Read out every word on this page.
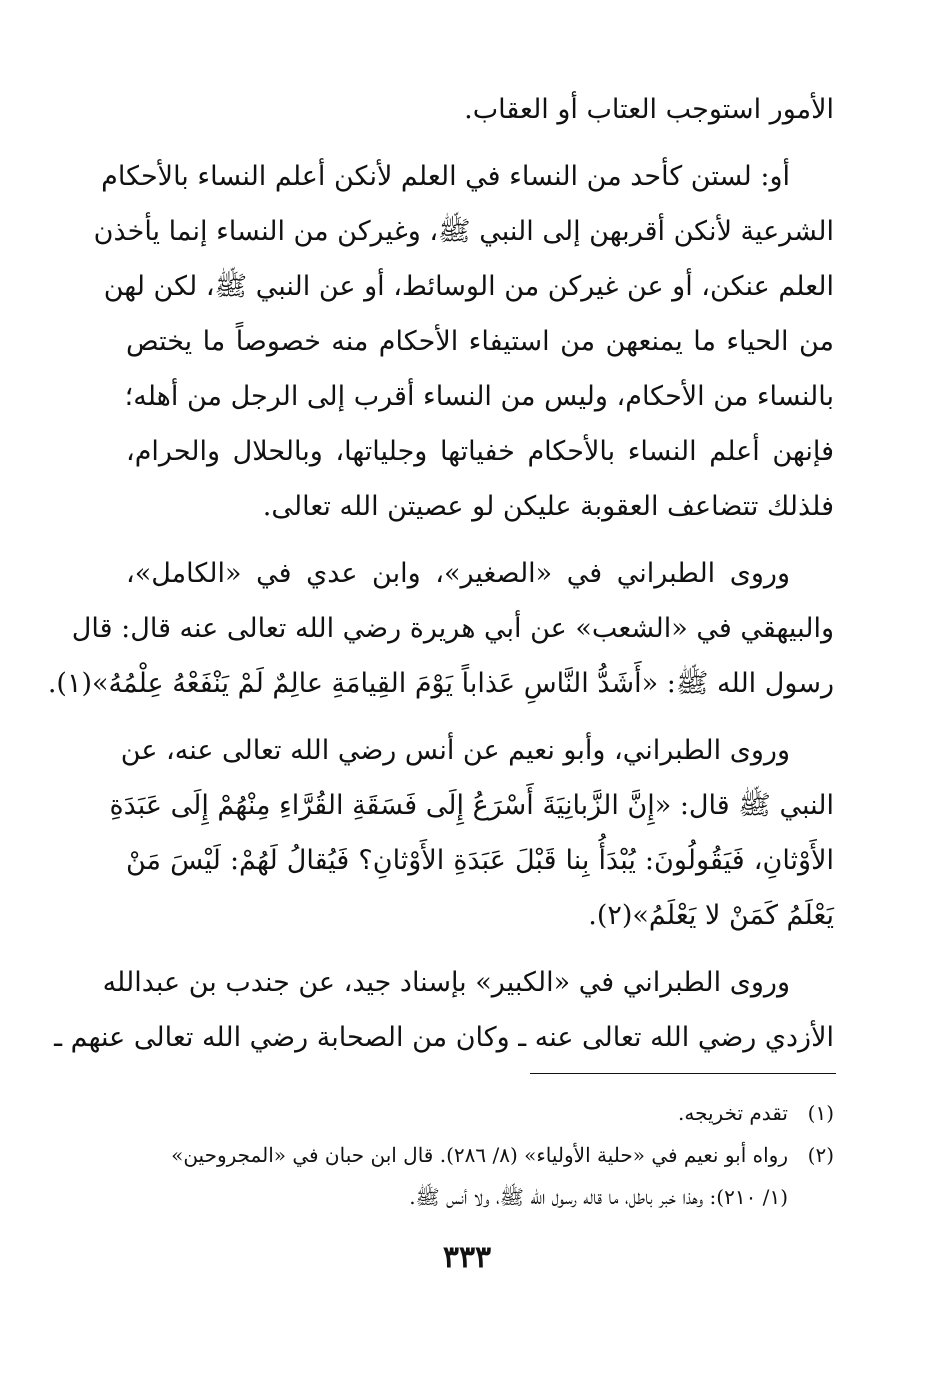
الأمور استوجب العتاب أو العقاب.

أو: لستن كأحد من النساء في العلم لأنكن أعلم النساء بالأحكام
الشرعية لأنكن أقربهن إلى النبي ﷺ، وغيركن من النساء إنما يأخذن
العلم عنكن، أو عن غيركن من الوسائط، أو عن النبي ﷺ، لكن لهن
من الحياء ما يمنعهن من استيفاء الأحكام منه خصوصاً ما يختص
بالنساء من الأحكام، وليس من النساء أقرب إلى الرجل من أهله؛
فإنهن أعلم النساء بالأحكام خفياتها وجلياتها، وبالحلال والحرام،
فلذلك تتضاعف العقوبة عليكن لو عصيتن الله تعالى.

وروى الطبراني في «الصغير»، وابن عدي في «الكامل»،
والبيهقي في «الشعب» عن أبي هريرة رضي الله تعالى عنه قال: قال
رسول الله ﷺ: «أَشَدُّ النَّاسِ عَذاباً يَوْمَ القِيامَةِ عالِمٌ لَمْ يَنْفَعْهُ عِلْمُهُ»(١).

وروى الطبراني، وأبو نعيم عن أنس رضي الله تعالى عنه، عن
النبي ﷺ قال: «إِنَّ الزَّبانِيَةَ أَسْرَعُ إِلَى فَسَقَةِ القُرَّاءِ مِنْهُمْ إِلَى عَبَدَةِ
الأَوْثانِ، فَيَقُولُونَ: يُبْدَأُ بِنا قَبْلَ عَبَدَةِ الأَوْثانِ؟ فَيُقالُ لَهُمْ: لَيْسَ مَنْ
يَعْلَمُ كَمَنْ لا يَعْلَمُ»(٢).

وروى الطبراني في «الكبير» بإسناد جيد، عن جندب بن عبدالله
الأزدي رضي الله تعالى عنه ـ وكان من الصحابة رضي الله تعالى عنهم ـ

(١)
تقدم تخريجه.
(٢)
رواه أبو نعيم في «حلية الأولياء» (٨/ ٢٨٦). قال ابن حبان في «المجروحين»
(١/ ٢١٠): وهذا خبر باطل، ما قاله رسول الله ﷺ، ولا أنس ﷺ.
٣٣٣
